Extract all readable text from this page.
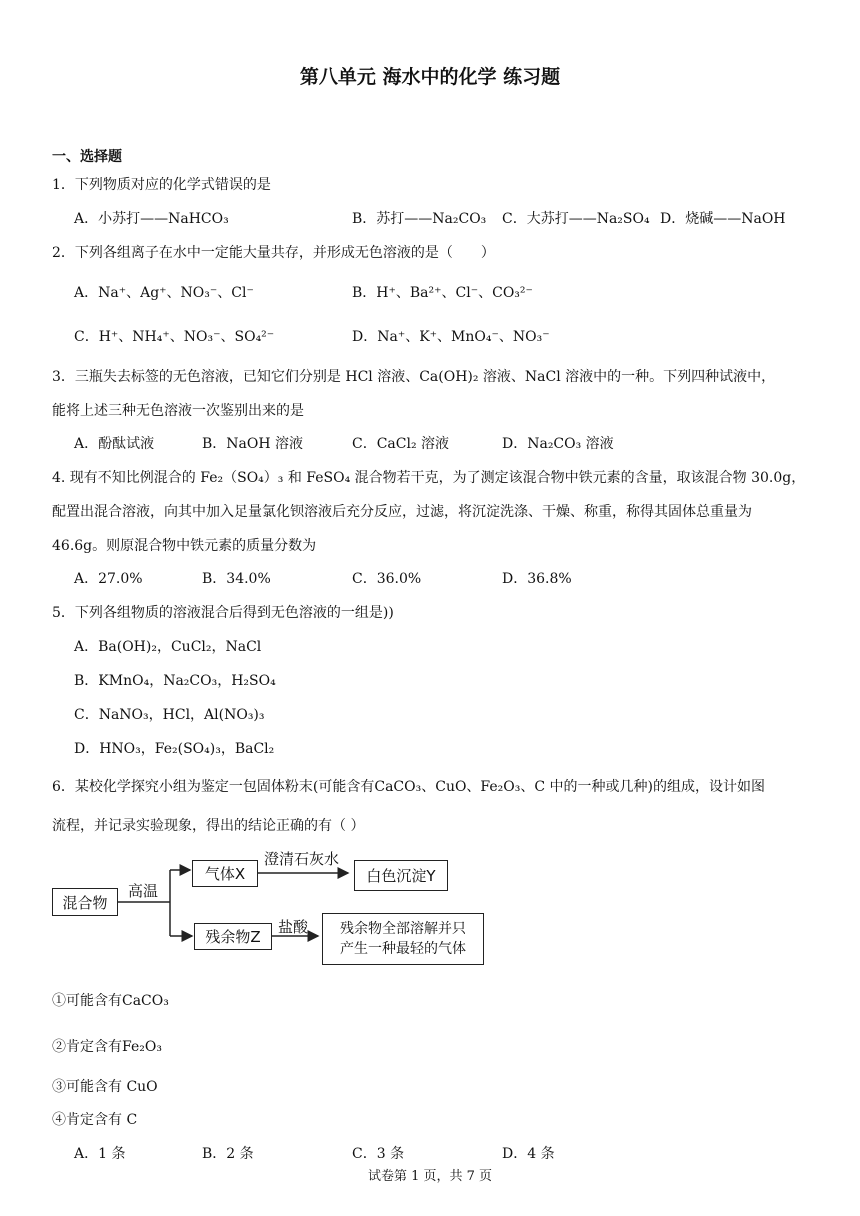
第八单元 海水中的化学 练习题
一、选择题
1．下列物质对应的化学式错误的是
A．小苏打——NaHCO₃	B．苏打——Na₂CO₃ C．大苏打——Na₂SO₄ D．烧碱——NaOH
2．下列各组离子在水中一定能大量共存，并形成无色溶液的是（　　）
A．Na⁺、Ag⁺、NO₃⁻、Cl⁻	B．H⁺、Ba²⁺、Cl⁻、CO₃²⁻
C．H⁺、NH₄⁺、NO₃⁻、SO₄²⁻	D．Na⁺、K⁺、MnO₄⁻、NO₃⁻
3．三瓶失去标签的无色溶液，已知它们分别是 HCl 溶液、Ca(OH)₂ 溶液、NaCl 溶液中的一种。下列四种试液中，
能将上述三种无色溶液一次鉴别出来的是
A．酚酞试液	B．NaOH 溶液	C．CaCl₂ 溶液	D．Na₂CO₃ 溶液
4. 现有不知比例混合的 Fe₂（SO₄）₃ 和 FeSO₄ 混合物若干克，为了测定该混合物中铁元素的含量，取该混合物 30.0g，
配置出混合溶液，向其中加入足量氯化钡溶液后充分反应，过滤，将沉淀洗涤、干燥、称重，称得其固体总重量为
46.6g。则原混合物中铁元素的质量分数为
A．27.0%	B．34.0%	C．36.0%	D．36.8%
5．下列各组物质的溶液混合后得到无色溶液的一组是))
A．Ba(OH)₂，CuCl₂，NaCl
B．KMnO₄，Na₂CO₃，H₂SO₄
C．NaNO₃，HCl，Al(NO₃)₃
D．HNO₃，Fe₂(SO₄)₃，BaCl₂
6．某校化学探究小组为鉴定一包固体粉末(可能含有CaCO₃、CuO、Fe₂O₃、C 中的一种或几种)的组成，设计如图
流程，并记录实验现象，得出的结论正确的有（ ）
混合物
高温
气体X
澄清石灰水
白色沉淀Y
残余物Z
盐酸 残余物全部溶解并只
产生一种最轻的气体
①可能含有CaCO₃
②肯定含有Fe₂O₃
③可能含有 CuO
④肯定含有 C
A．1 条	B．2 条	C．3 条	D．4 条
试卷第 1 页，共 7 页
